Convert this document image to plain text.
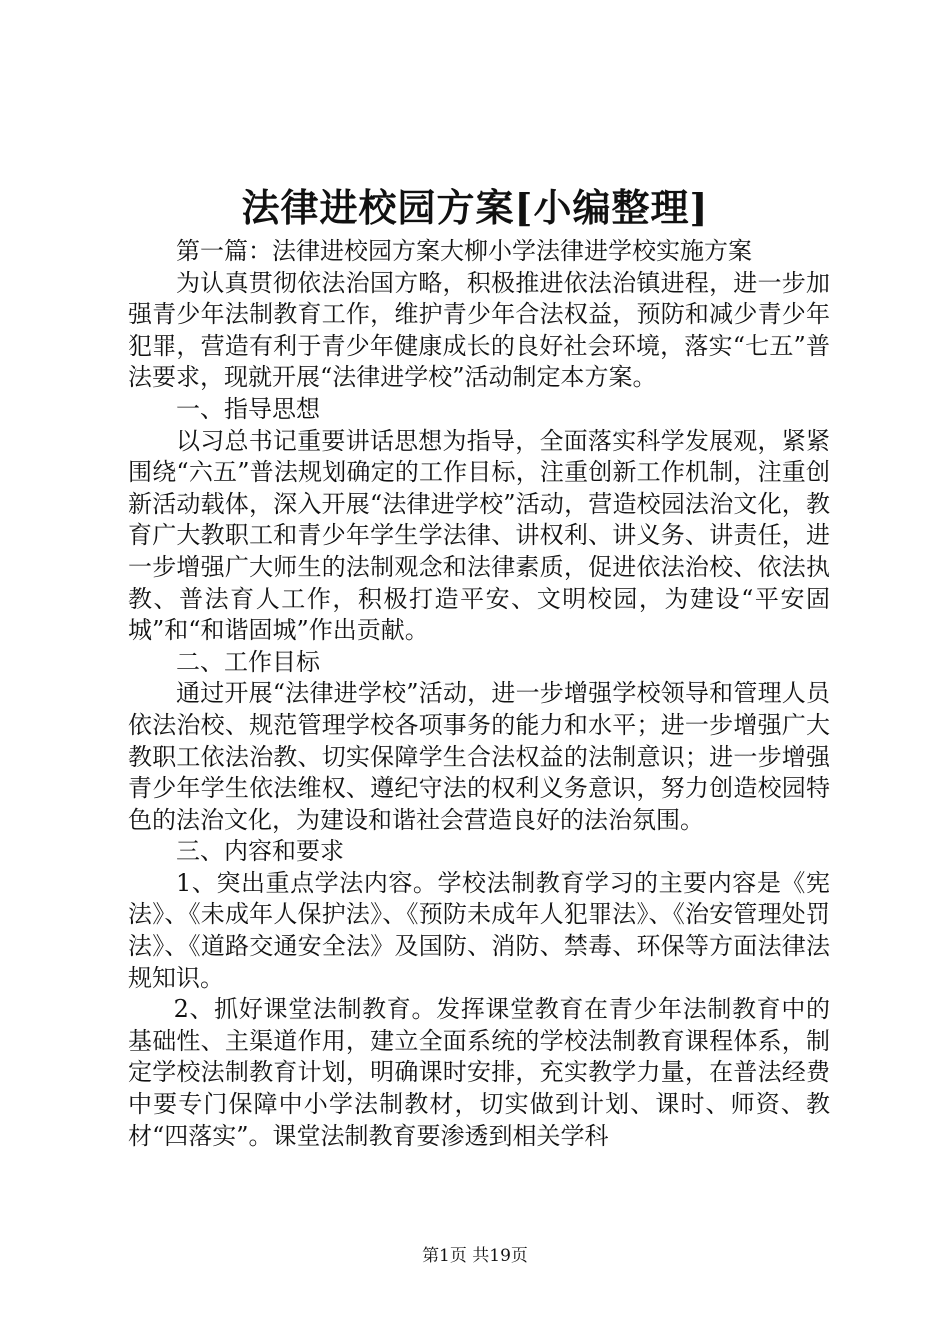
法律进校园方案[小编整理]

第一篇：法律进校园方案大柳小学法律进学校实施方案

为认真贯彻依法治国方略，积极推进依法治镇进程，进一步加强青少年法制教育工作，维护青少年合法权益，预防和减少青少年犯罪，营造有利于青少年健康成长的良好社会环境，落实“七五”普法要求，现就开展“法律进学校”活动制定本方案。

一、指导思想

以习总书记重要讲话思想为指导，全面落实科学发展观，紧紧围绕“六五”普法规划确定的工作目标，注重创新工作机制，注重创新活动载体，深入开展“法律进学校”活动，营造校园法治文化，教育广大教职工和青少年学生学法律、讲权利、讲义务、讲责任，进一步增强广大师生的法制观念和法律素质，促进依法治校、依法执教、普法育人工作，积极打造平安、文明校园，为建设“平安固城”和“和谐固城”作出贡献。

二、工作目标

通过开展“法律进学校”活动，进一步增强学校领导和管理人员依法治校、规范管理学校各项事务的能力和水平；进一步增强广大教职工依法治教、切实保障学生合法权益的法制意识；进一步增强青少年学生依法维权、遵纪守法的权利义务意识，努力创造校园特色的法治文化，为建设和谐社会营造良好的法治氛围。

三、内容和要求

1、突出重点学法内容。学校法制教育学习的主要内容是《宪法》、《未成年人保护法》、《预防未成年人犯罪法》、《治安管理处罚法》、《道路交通安全法》及国防、消防、禁毒、环保等方面法律法规知识。

2、抓好课堂法制教育。发挥课堂教育在青少年法制教育中的基础性、主渠道作用，建立全面系统的学校法制教育课程体系，制定学校法制教育计划，明确课时安排，充实教学力量，在普法经费中要专门保障中小学法制教材，切实做到计划、课时、师资、教材“四落实”。课堂法制教育要渗透到相关学科

第1页 共19页
